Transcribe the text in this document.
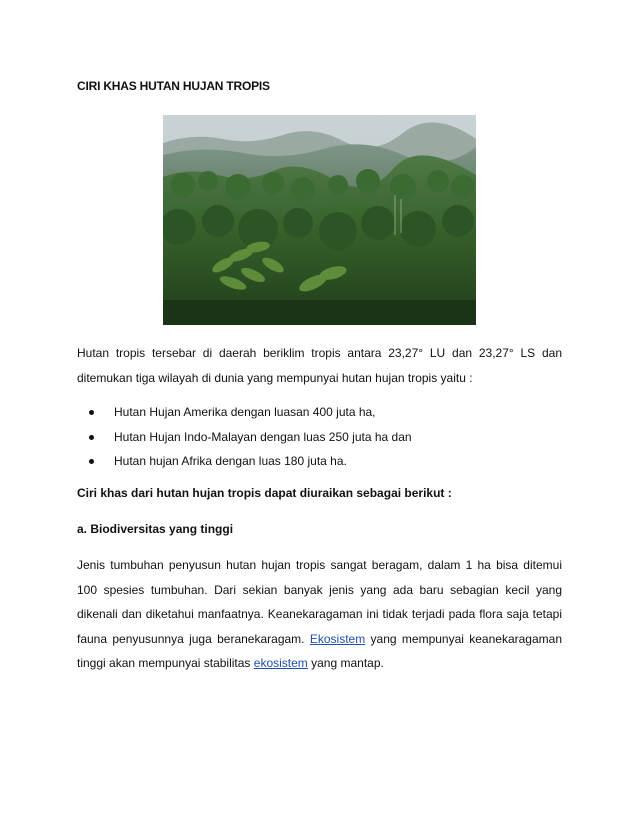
CIRI KHAS HUTAN HUJAN TROPIS
Hutan tropis tersebar di daerah beriklim tropis antara 23,27° LU dan 23,27° LS dan ditemukan tiga wilayah di dunia yang mempunyai hutan hujan tropis yaitu :
Hutan Hujan Amerika dengan luasan 400 juta ha,
Hutan Hujan Indo-Malayan dengan luas 250 juta ha dan
Hutan hujan Afrika dengan luas 180 juta ha.
Ciri khas dari hutan hujan tropis dapat diuraikan sebagai berikut :
a. Biodiversitas yang tinggi
Jenis tumbuhan penyusun hutan hujan tropis sangat beragam, dalam 1 ha bisa ditemui 100 spesies tumbuhan. Dari sekian banyak jenis yang ada baru sebagian kecil yang dikenali dan diketahui manfaatnya. Keanekaragaman ini tidak terjadi pada flora saja tetapi fauna penyusunnya juga beranekaragam. Ekosistem yang mempunyai keanekaragaman tinggi akan mempunyai stabilitas ekosistem yang mantap.
